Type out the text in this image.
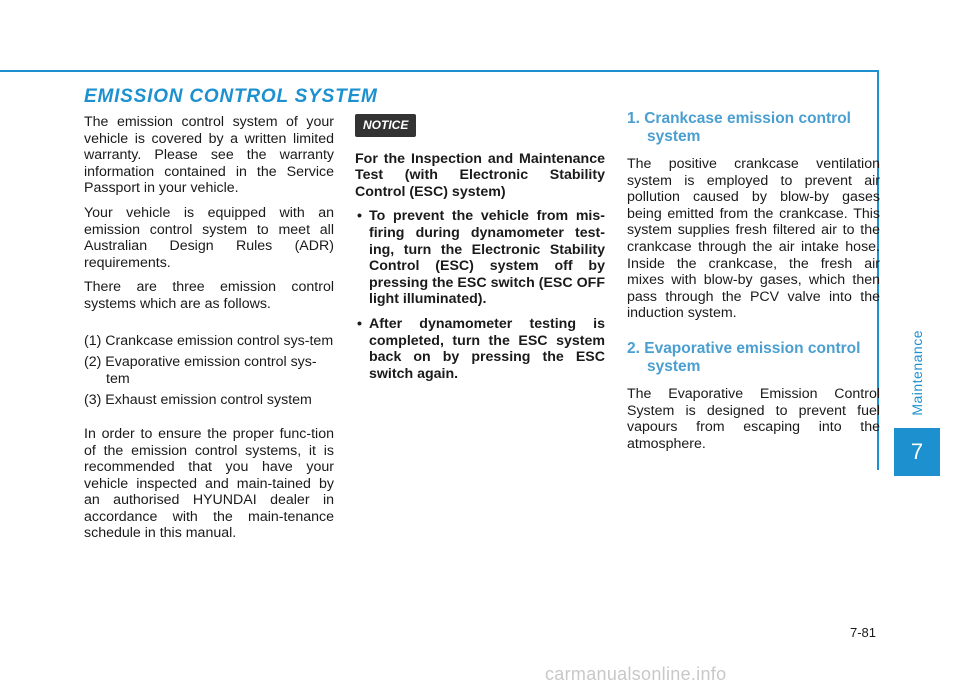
EMISSION CONTROL SYSTEM

The emission control system of your vehicle is covered by a written limited warranty. Please see the warranty information contained in the Service Passport in your vehicle.

Your vehicle is equipped with an emission control system to meet all Australian Design Rules (ADR) requirements.

There are three emission control systems which are as follows.

(1) Crankcase emission control sys-tem
(2) Evaporative emission control sys-tem
(3) Exhaust emission control system

In order to ensure the proper func-tion of the emission control systems, it is recommended that you have your vehicle inspected and main-tained by an authorised HYUNDAI dealer in accordance with the main-tenance schedule in this manual.

NOTICE
For the Inspection and Maintenance Test (with Electronic Stability Control (ESC) system)
• To prevent the vehicle from mis-firing during dynamometer test-ing, turn the Electronic Stability Control (ESC) system off by pressing the ESC switch (ESC OFF light illuminated).
• After dynamometer testing is completed, turn the ESC system back on by pressing the ESC switch again.
1. Crankcase emission control system

The positive crankcase ventilation system is employed to prevent air pollution caused by blow-by gases being emitted from the crankcase. This system supplies fresh filtered air to the crankcase through the air intake hose. Inside the crankcase, the fresh air mixes with blow-by gases, which then pass through the PCV valve into the induction system.

2. Evaporative emission control system

The Evaporative Emission Control System is designed to prevent fuel vapours from escaping into the atmosphere.

Maintenance
7
7-81
carmanualsonline.info
